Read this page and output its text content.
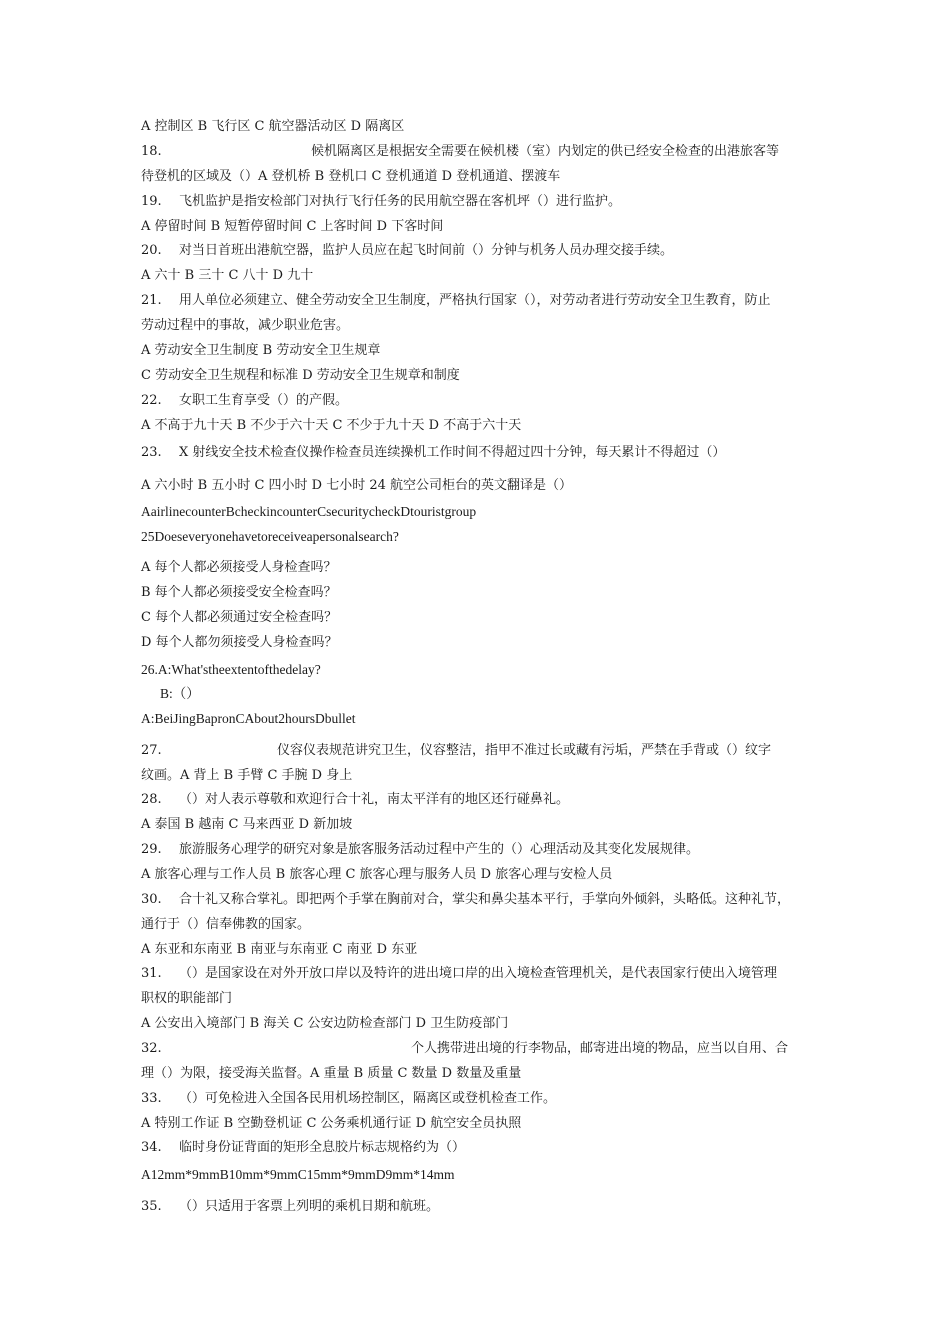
A 控制区 B 飞行区 C 航空器活动区 D 隔离区
18.	候机隔离区是根据安全需要在候机楼（室）内划定的供已经安全检查的出港旅客等
待登机的区域及（）A 登机桥 B 登机口 C 登机通道 D 登机通道、摆渡车
19. 飞机监护是指安检部门对执行飞行任务的民用航空器在客机坪（）进行监护。
A 停留时间 B 短暂停留时间 C 上客时间 D 下客时间
20. 对当日首班出港航空器，监护人员应在起飞时间前（）分钟与机务人员办理交接手续。
A 六十 B 三十 C 八十 D 九十
21. 用人单位必须建立、健全劳动安全卫生制度，严格执行国家（），对劳动者进行劳动安全卫生教育，防止
劳动过程中的事故，减少职业危害。
A 劳动安全卫生制度 B 劳动安全卫生规章
C 劳动安全卫生规程和标准 D 劳动安全卫生规章和制度
22. 女职工生育享受（）的产假。
A 不高于九十天 B 不少于六十天 C 不少于九十天 D 不高于六十天
23. X 射线安全技术检查仪操作检查员连续操机工作时间不得超过四十分钟，每天累计不得超过（）
A 六小时 B 五小时 C 四小时 D 七小时 24 航空公司柜台的英文翻译是（）
AairlinecounterBcheckincounterCsecuritycheckDtouristgroup
25Doeseveryonehavetoreceiveapersonalsearch?
A 每个人都必须接受人身检查吗？
B 每个人都必须接受安全检查吗？
C 每个人都必须通过安全检查吗？
D 每个人都勿须接受人身检查吗？
26.A:What'stheextentofthedelay?
B:（）
A:BeiJingBapronCAbout2hoursDbullet
27.	仪容仪表规范讲究卫生，仪容整洁，指甲不准过长或藏有污垢，严禁在手背或（）纹字
纹画。A 背上 B 手臂 C 手腕 D 身上
28. （）对人表示尊敬和欢迎行合十礼，南太平洋有的地区还行碰鼻礼。
A 泰国 B 越南 C 马来西亚 D 新加坡
29. 旅游服务心理学的研究对象是旅客服务活动过程中产生的（）心理活动及其变化发展规律。
A 旅客心理与工作人员 B 旅客心理 C 旅客心理与服务人员 D 旅客心理与安检人员
30. 合十礼又称合掌礼。即把两个手掌在胸前对合，掌尖和鼻尖基本平行，手掌向外倾斜，头略低。这种礼节，
通行于（）信奉佛教的国家。
A 东亚和东南亚 B 南亚与东南亚 C 南亚 D 东亚
31. （）是国家设在对外开放口岸以及特许的进出境口岸的出入境检查管理机关，是代表国家行使出入境管理
职权的职能部门
A 公安出入境部门 B 海关 C 公安边防检查部门 D 卫生防疫部门
32.	个人携带进出境的行李物品，邮寄进出境的物品，应当以自用、合
理（）为限，接受海关监督。A 重量 B 质量 C 数量 D 数量及重量
33. （）可免检进入全国各民用机场控制区，隔离区或登机检查工作。
A 特别工作证 B 空勤登机证 C 公务乘机通行证 D 航空安全员执照
34. 临时身份证背面的矩形全息胶片标志规格约为（）
A12mm*9mmB10mm*9mmC15mm*9mmD9mm*14mm
35. （）只适用于客票上列明的乘机日期和航班。
